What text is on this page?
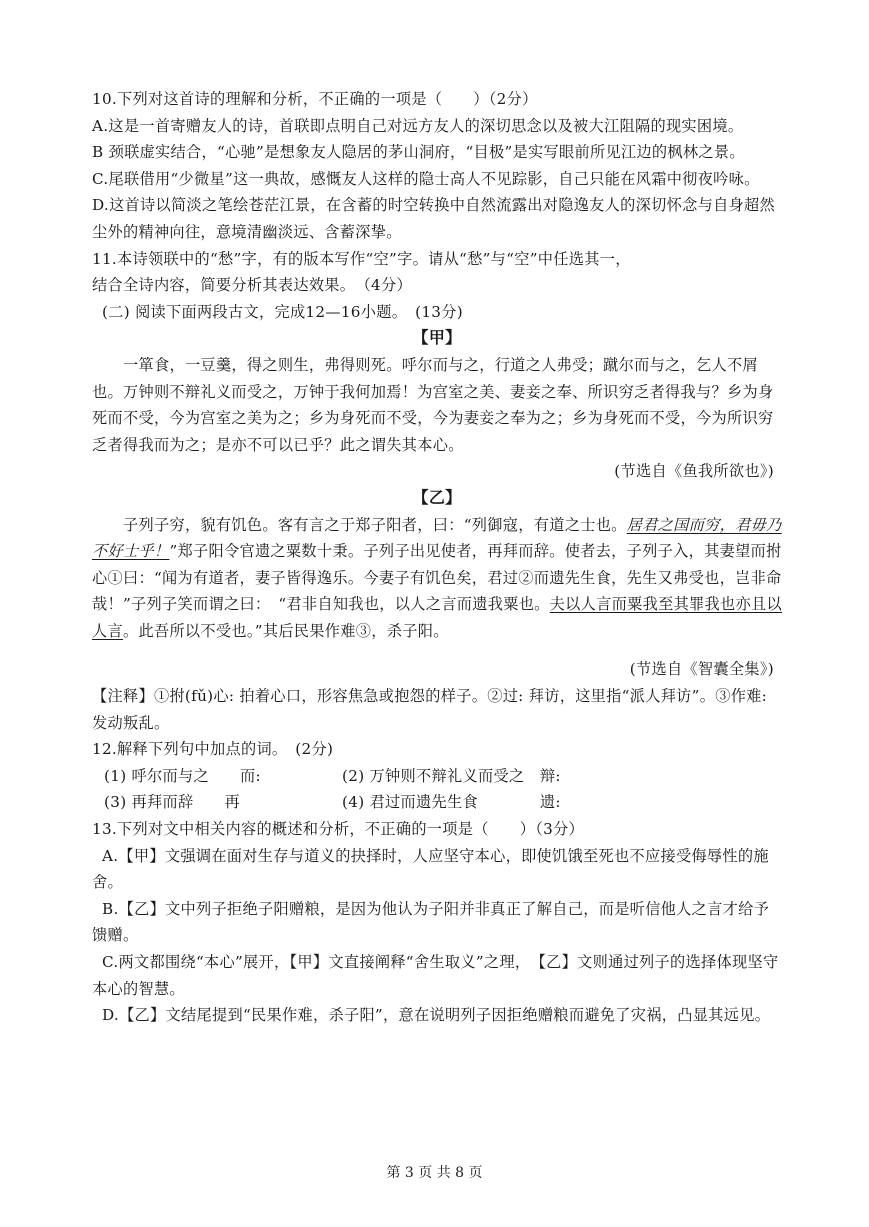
10.下列对这首诗的理解和分析，不正确的一项是（　　）（2分）

A.这是一首寄赠友人的诗，首联即点明自己对远方友人的深切思念以及被大江阻隔的现实困境。

B 颈联虚实结合，“心驰”是想象友人隐居的茅山洞府，“目极”是实写眼前所见江边的枫林之景。

C.尾联借用“少微星”这一典故，感慨友人这样的隐士高人不见踪影，自己只能在风霜中彻夜吟咏。

D.这首诗以简淡之笔绘苍茫江景，在含蓄的时空转换中自然流露出对隐逸友人的深切怀念与自身超然尘外的精神向往，意境清幽淡远、含蓄深挚。

11.本诗领联中的“愁”字，有的版本写作“空”字。请从“愁”与“空”中任选其一，

结合全诗内容，简要分析其表达效果。　（4分）

(二) 阅读下面两段古文，完成12—16小题。　(13分)

【甲】

一箪食，一豆羹，得之则生，弗得则死。呼尔而与之，行道之人弗受；蹴尔而与之，乞人不屑也。万钟则不辩礼义而受之，万钟于我何加焉！为宫室之美、妻妾之奉、所识穷乏者得我与？乡为身死而不受，今为宫室之美为之；乡为身死而不受，今为妻妾之奉为之；乡为身死而不受，今为所识穷乏者得我而为之；是亦不可以已乎？此之谓失其本心。

(节选自《鱼我所欲也》)

【乙】

子列子穷，貌有饥色。客有言之于郑子阳者，曰：“列御寇，有道之士也。居君之国而穷，君毋乃不好士乎！”郑子阳令官遗之粟数十秉。子列子出见使者，再拜而辞。使者去，子列子入，其妻望而拊心①曰：“闻为有道者，妻子皆得逸乐。今妻子有饥色矣，君过②而遗先生食，先生又弗受也，岂非命哉！”子列子笑而谓之曰：　“君非自知我也，以人之言而遗我粟也。夫以人言而粟我至其罪我也亦且以人言。此吾所以不受也。”其后民果作难③，杀子阳。

(节选自《智囊全集》)

【注释】①拊(fǔ)心: 拍着心口，形容焦急或抱怨的样子。②过: 拜访，这里指“派人拜访”。③作难: 发动叛乱。

12.解释下列句中加点的词。　(2分)

(1) 呼尔而与之　　而:	(2) 万钟则不辩礼义而受之　辩:
(3) 再拜而辞　　再	(4) 君过而遗先生食　　　　遗:

13.下列对文中相关内容的概述和分析，不正确的一项是（　　）（3分）

A.【甲】文强调在面对生存与道义的抉择时，人应坚守本心，即使饥饿至死也不应接受侮辱性的施舍。

B.【乙】文中列子拒绝子阳赠粮，是因为他认为子阳并非真正了解自己，而是听信他人之言才给予馈赠。

C.两文都围绕“本心”展开，【甲】文直接阐释“舍生取义”之理，　【乙】文则通过列子的选择体现坚守本心的智慧。

D.【乙】文结尾提到“民果作难，杀子阳”，意在说明列子因拒绝赠粮而避免了灾祸，凸显其远见。

第 3 页 共 8 页
